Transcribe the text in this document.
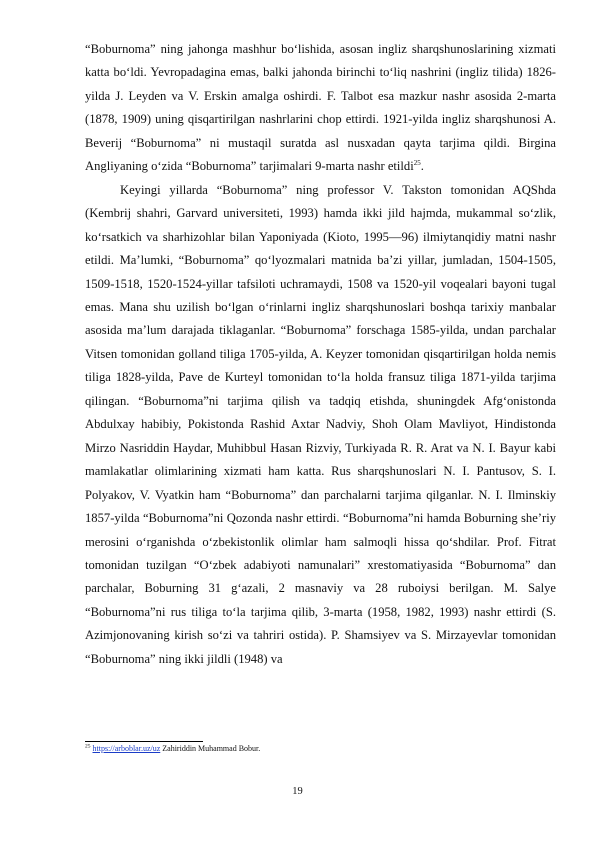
“Boburnoma” ning jahonga mashhur bo‘lishida, asosan ingliz sharqshunoslarining xizmati katta bo‘ldi. Yevropadagina emas, balki jahonda birinchi to‘liq nashrini (ingliz tilida) 1826-yilda J. Leyden va V. Erskin amalga oshirdi. F. Talbot esa mazkur nashr asosida 2-marta (1878, 1909) uning qisqartirilgan nashrlarini chop ettirdi. 1921-yilda ingliz sharqshunosi A. Beverij “Boburnoma” ni mustaqil suratda asl nusxadan qayta tarjima qildi. Birgina Angliyaning o‘zida “Boburnoma” tarjimalari 9-marta nashr etildi$^{25}$.

Keyingi yillarda “Boburnoma” ning professor V. Takston tomonidan AQShda (Kembrij shahri, Garvard universiteti, 1993) hamda ikki jild hajmda, mukammal so‘zlik, ko‘rsatkich va sharhizohlar bilan Yaponiyada (Kioto, 1995—96) ilmiytanqidiy matni nashr etildi. Ma’lumki, “Boburnoma” qo‘lyozmalari matnida ba’zi yillar, jumladan, 1504-1505, 1509-1518, 1520-1524-yillar tafsiloti uchramaydi, 1508 va 1520-yil voqealari bayoni tugal emas. Mana shu uzilish bo‘lgan o‘rinlarni ingliz sharqshunoslari boshqa tarixiy manbalar asosida ma’lum darajada tiklaganlar. “Boburnoma” forschaga 1585-yilda, undan parchalar Vitsen tomonidan golland tiliga 1705-yilda, A. Keyzer tomonidan qisqartirilgan holda nemis tiliga 1828-yilda, Pave de Kurteyl tomonidan to‘la holda fransuz tiliga 1871-yilda tarjima qilingan. “Boburnoma”ni tarjima qilish va tadqiq etishda, shuningdek Afg‘onistonda Abdulxay habibiy, Pokistonda Rashid Axtar Nadviy, Shoh Olam Mavliyot, Hindistonda Mirzo Nasriddin Haydar, Muhibbul Hasan Rizviy, Turkiyada R. R. Arat va N. I. Bayur kabi mamlakatlar olimlarining xizmati ham katta. Rus sharqshunoslari N. I. Pantusov, S. I. Polyakov, V. Vyatkin ham “Boburnoma” dan parchalarni tarjima qilganlar. N. I. Ilminskiy 1857-yilda “Boburnoma”ni Qozonda nashr ettirdi. “Boburnoma”ni hamda Boburning she’riy merosini o‘rganishda o‘zbekistonlik olimlar ham salmoqli hissa qo‘shdilar. Prof. Fitrat tomonidan tuzilgan “O‘zbek adabiyoti namunalari” xrestomatiyasida “Boburnoma” dan parchalar, Boburning 31 g‘azali, 2 masnaviy va 28 ruboiysi berilgan. M. Salye “Boburnoma”ni rus tiliga to‘la tarjima qilib, 3-marta (1958, 1982, 1993) nashr ettirdi (S. Azimjonovaning kirish so‘zi va tahriri ostida). P. Shamsiyev va S. Mirzayevlar tomonidan “Boburnoma” ning ikki jildli (1948) va

$^{25}$ https://arboblar.uz/uz Zahiriddin Muhammad Bobur.
19
